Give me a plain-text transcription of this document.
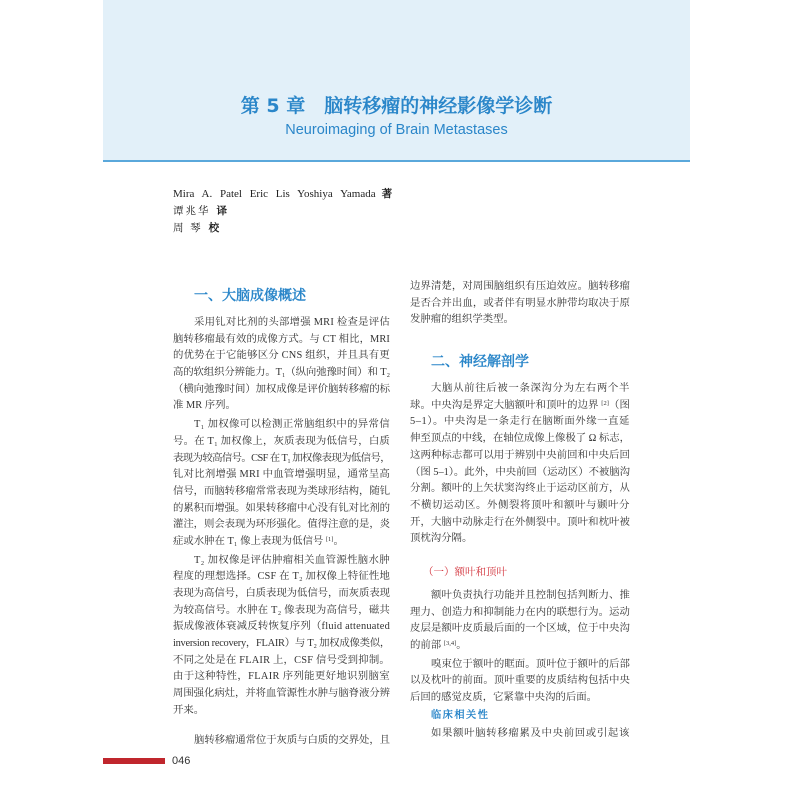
第 5 章 脑转移瘤的神经影像学诊断
Neuroimaging of Brain Metastases
Mira A. Patel Eric Lis Yoshiya Yamada 著
谭兆华 译
周 琴 校
一、大脑成像概述
采用钆对比剂的头部增强 MRI 检查是评估
脑转移瘤最有效的成像方式。与 CT 相比，MRI
的优势在于它能够区分 CNS 组织，并且具有更
高的软组织分辨能力。T₁（纵向弛豫时间）和 T₂
（横向弛豫时间）加权成像是评价脑转移瘤的标
准 MR 序列。
T₁ 加权像可以检测正常脑组织中的异常信
号。在 T₁ 加权像上，灰质表现为低信号，白质
表现为较高信号。CSF 在 T₁ 加权像表现为低信号，
钆对比剂增强 MRI 中血管增强明显，通常呈高
信号，而脑转移瘤常常表现为类球形结构，随钆
的累积而增强。如果转移瘤中心没有钆对比剂的
灌注，则会表现为环形强化。值得注意的是，炎
症或水肿在 T₁ 像上表现为低信号 [1]。
T₂ 加权像是评估肿瘤相关血管源性脑水肿
程度的理想选择。CSF 在 T₂ 加权像上特征性地
表现为高信号，白质表现为低信号，而灰质表现
为较高信号。水肿在 T₂ 像表现为高信号，磁共
振成像液体衰减反转恢复序列（fluid attenuated
inversion recovery，FLAIR）与 T₂ 加权成像类似，
不同之处是在 FLAIR 上，CSF 信号受到抑制。
由于这种特性，FLAIR 序列能更好地识别脑室
周围强化病灶，并将血管源性水肿与脑脊液分辨
开来。
脑转移瘤通常位于灰质与白质的交界处，且
边界清楚，对周围脑组织有压迫效应。脑转移瘤
是否合并出血，或者伴有明显水肿带均取决于原
发肿瘤的组织学类型。
二、神经解剖学
大脑从前往后被一条深沟分为左右两个半
球。中央沟是界定大脑额叶和顶叶的边界 [2]（图
5–1）。中央沟是一条走行在脑断面外缘一直延
伸至顶点的中线，在轴位成像上像极了 Ω 标志，
这两种标志都可以用于辨别中央前回和中央后回
（图 5–1）。此外，中央前回（运动区）不被脑沟
分割。额叶的上矢状窦沟终止于运动区前方，从
不横切运动区。外侧裂将顶叶和额叶与颞叶分
开，大脑中动脉走行在外侧裂中。顶叶和枕叶被
顶枕沟分隔。
（一）额叶和顶叶
额叶负责执行功能并且控制包括判断力、推
理力、创造力和抑制能力在内的联想行为。运动
皮层是额叶皮质最后面的一个区域，位于中央沟
的前部 [3,4]。
嗅束位于额叶的眶面。顶叶位于额叶的后部
以及枕叶的前面。顶叶重要的皮质结构包括中央
后回的感觉皮质，它紧靠中央沟的后面。
临床相关性
如果额叶脑转移瘤累及中央前回或引起该
046
